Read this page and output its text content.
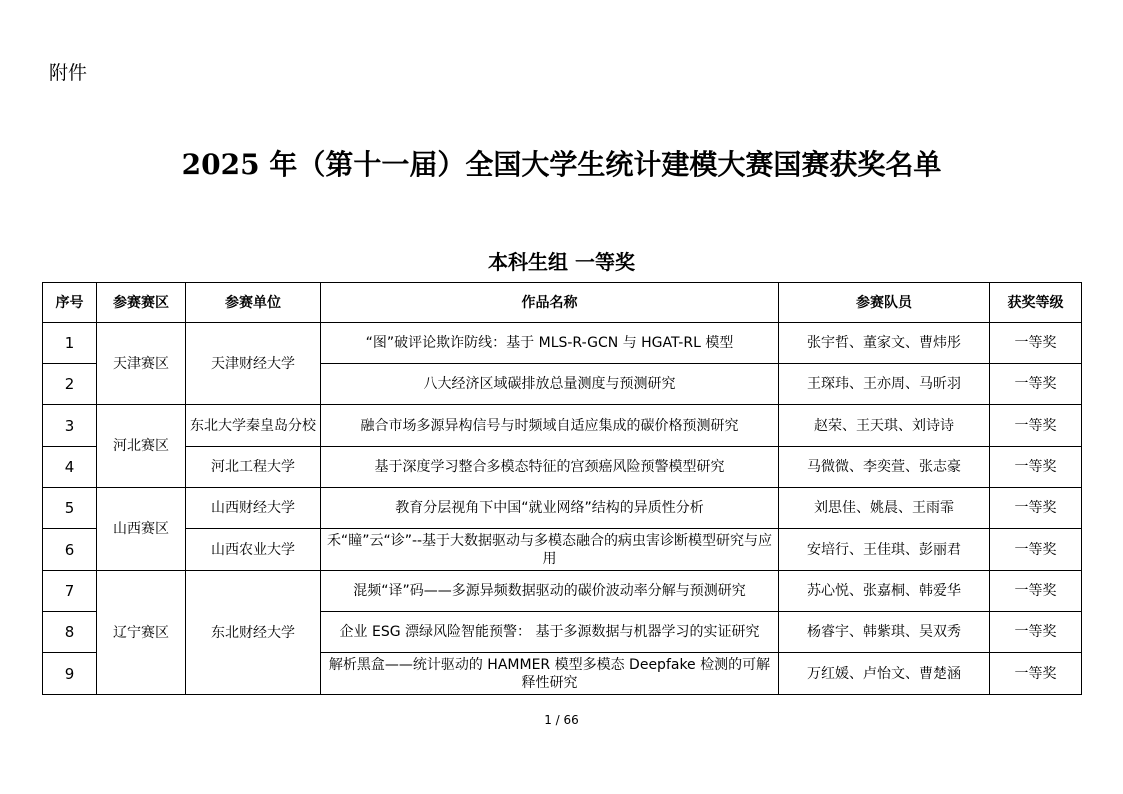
附件
2025 年（第十一届）全国大学生统计建模大赛国赛获奖名单
本科生组 一等奖
序号	参赛赛区	参赛单位	作品名称	参赛队员	获奖等级
1	天津赛区	天津财经大学	“图”破评论欺诈防线：基于 MLS-R-GCN 与 HGAT-RL 模型	张宇哲、董家文、曹炜彤	一等奖
2			八大经济区域碳排放总量测度与预测研究	王琛玮、王亦周、马昕羽	一等奖
3	河北赛区	东北大学秦皇岛分校	融合市场多源异构信号与时频域自适应集成的碳价格预测研究	赵荣、王天琪、刘诗诗	一等奖
4		河北工程大学	基于深度学习整合多模态特征的宫颈癌风险预警模型研究	马微微、李奕萱、张志豪	一等奖
5	山西赛区	山西财经大学	教育分层视角下中国“就业网络”结构的异质性分析	刘思佳、姚晨、王雨霏	一等奖
6		山西农业大学	禾“瞳”云“诊”--基于大数据驱动与多模态融合的病虫害诊断模型研究与应用	安培行、王佳琪、彭丽君	一等奖
7	辽宁赛区	东北财经大学	混频“译”码——多源异频数据驱动的碳价波动率分解与预测研究	苏心悦、张嘉桐、韩爱华	一等奖
8			企业 ESG 漂绿风险智能预警： 基于多源数据与机器学习的实证研究	杨睿宇、韩紫琪、吴双秀	一等奖
9			解析黑盒——统计驱动的 HAMMER 模型多模态 Deepfake 检测的可解释性研究	万红媛、卢怡文、曹楚涵	一等奖
1 / 66
